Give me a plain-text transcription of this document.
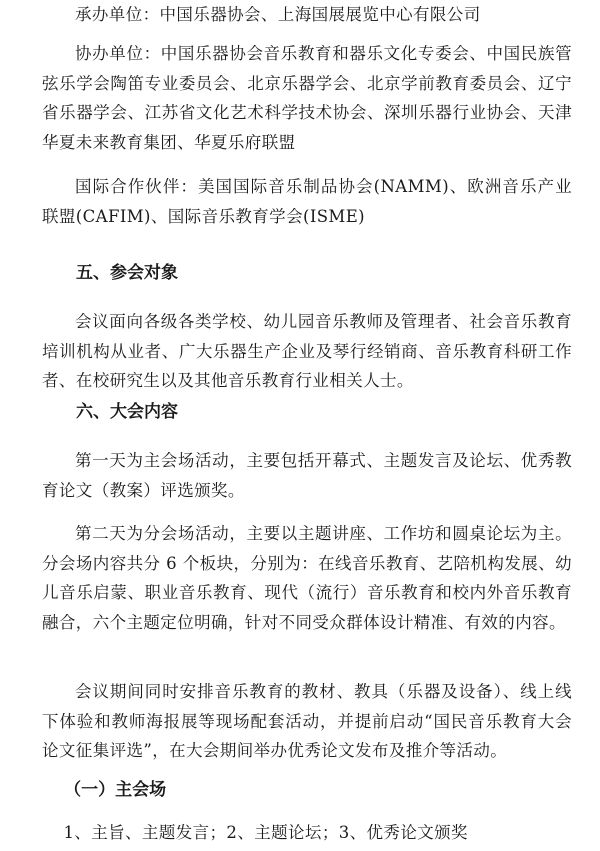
承办单位：中国乐器协会、上海国展展览中心有限公司

协办单位：中国乐器协会音乐教育和器乐文化专委会、中国民族管弦乐学会陶笛专业委员会、北京乐器学会、北京学前教育委员会、辽宁省乐器学会、江苏省文化艺术科学技术协会、深圳乐器行业协会、天津华夏未来教育集团、华夏乐府联盟

国际合作伙伴：美国国际音乐制品协会(NAMM)、欧洲音乐产业联盟(CAFIM)、国际音乐教育学会(ISME)

五、参会对象

会议面向各级各类学校、幼儿园音乐教师及管理者、社会音乐教育培训机构从业者、广大乐器生产企业及琴行经销商、音乐教育科研工作者、在校研究生以及其他音乐教育行业相关人士。

六、大会内容

第一天为主会场活动，主要包括开幕式、主题发言及论坛、优秀教育论文（教案）评选颁奖。

第二天为分会场活动，主要以主题讲座、工作坊和圆桌论坛为主。分会场内容共分 6 个板块，分别为：在线音乐教育、艺陪机构发展、幼儿音乐启蒙、职业音乐教育、现代（流行）音乐教育和校内外音乐教育融合，六个主题定位明确，针对不同受众群体设计精准、有效的内容。

会议期间同时安排音乐教育的教材、教具（乐器及设备）、线上线下体验和教师海报展等现场配套活动，并提前启动“国民音乐教育大会论文征集评选”，在大会期间举办优秀论文发布及推介等活动。

（一）主会场

1、主旨、主题发言；2、主题论坛；3、优秀论文颁奖
